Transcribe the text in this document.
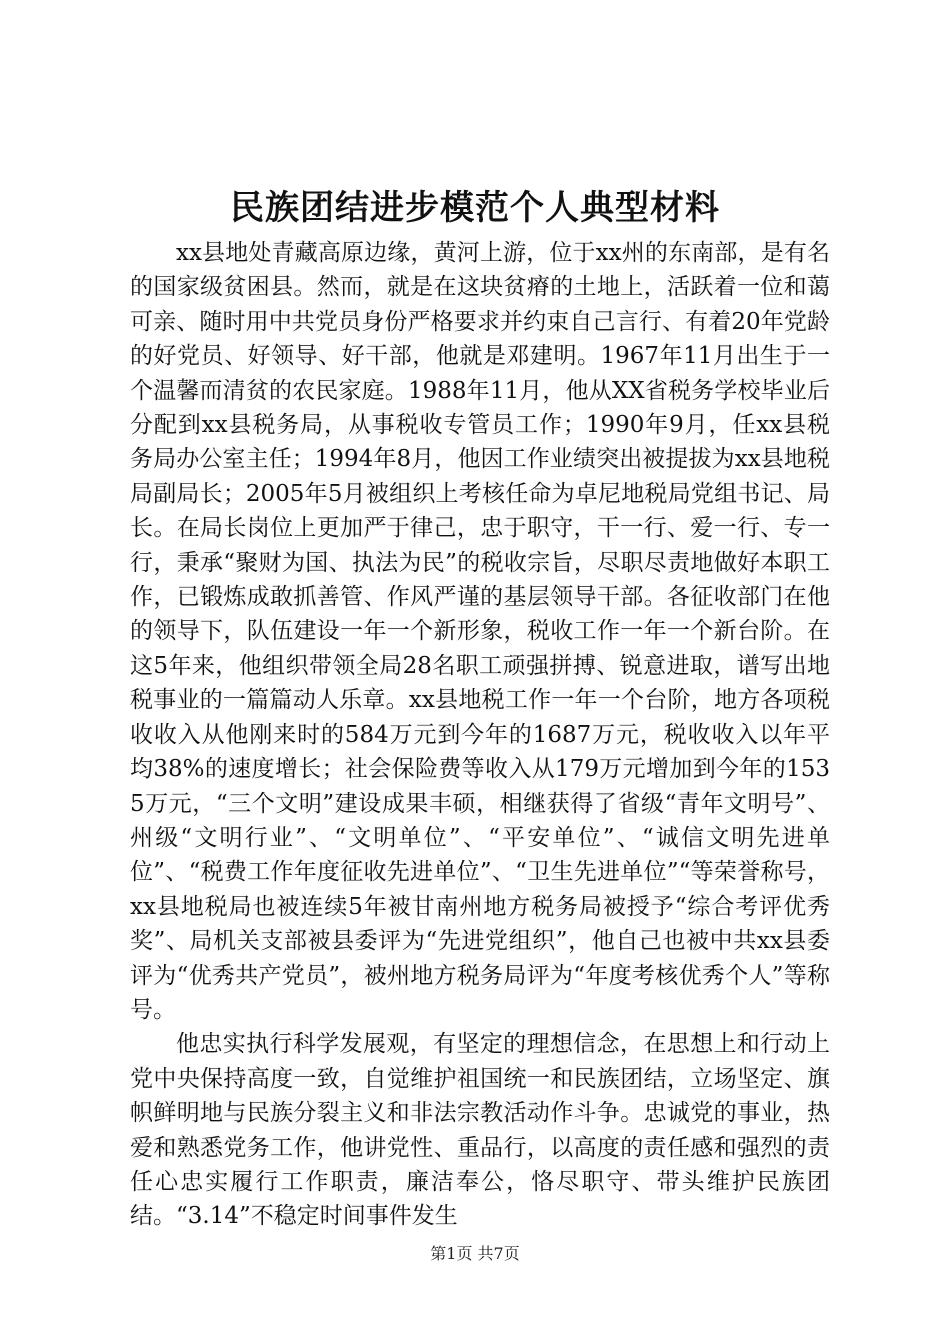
民族团结进步模范个人典型材料

xx县地处青藏高原边缘，黄河上游，位于xx州的东南部，是有名的国家级贫困县。然而，就是在这块贫瘠的土地上，活跃着一位和蔼可亲、随时用中共党员身份严格要求并约束自己言行、有着20年党龄的好党员、好领导、好干部，他就是邓建明。1967年11月出生于一个温馨而清贫的农民家庭。1988年11月，他从XX省税务学校毕业后分配到xx县税务局，从事税收专管员工作；1990年9月，任xx县税务局办公室主任；1994年8月，他因工作业绩突出被提拔为xx县地税局副局长；2005年5月被组织上考核任命为卓尼地税局党组书记、局长。在局长岗位上更加严于律己，忠于职守，干一行、爱一行、专一行，秉承“聚财为国、执法为民”的税收宗旨，尽职尽责地做好本职工作，已锻炼成敢抓善管、作风严谨的基层领导干部。各征收部门在他的领导下，队伍建设一年一个新形象，税收工作一年一个新台阶。在这5年来，他组织带领全局28名职工顽强拼搏、锐意进取，谱写出地税事业的一篇篇动人乐章。xx县地税工作一年一个台阶，地方各项税收收入从他刚来时的584万元到今年的1687万元，税收收入以年平均38%的速度增长；社会保险费等收入从179万元增加到今年的1535万元，“三个文明”建设成果丰硕，相继获得了省级“青年文明号”、州级“文明行业”、“文明单位”、“平安单位”、“诚信文明先进单位”、“税费工作年度征收先进单位”、“卫生先进单位”“等荣誉称号，xx县地税局也被连续5年被甘南州地方税务局被授予“综合考评优秀奖”、局机关支部被县委评为“先进党组织”，他自己也被中共xx县委评为“优秀共产党员”，被州地方税务局评为“年度考核优秀个人”等称号。

他忠实执行科学发展观，有坚定的理想信念，在思想上和行动上党中央保持高度一致，自觉维护祖国统一和民族团结，立场坚定、旗帜鲜明地与民族分裂主义和非法宗教活动作斗争。忠诚党的事业，热爱和熟悉党务工作，他讲党性、重品行，以高度的责任感和强烈的责任心忠实履行工作职责，廉洁奉公，恪尽职守、带头维护民族团结。“3.14”不稳定时间事件发生

第1页 共7页
